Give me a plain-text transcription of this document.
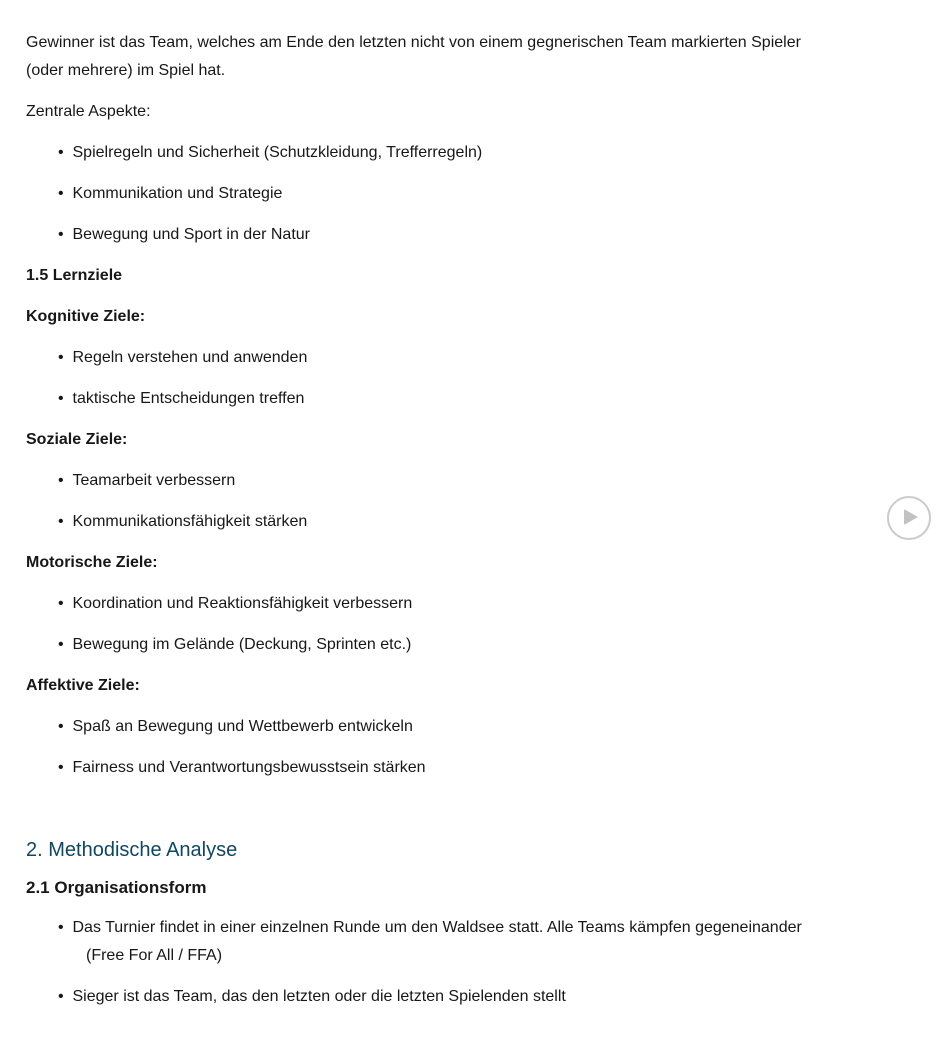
Gewinner ist das Team, welches am Ende den letzten nicht von einem gegnerischen Team markierten Spieler
(oder mehrere) im Spiel hat.

Zentrale Aspekte:

•  Spielregeln und Sicherheit (Schutzkleidung, Trefferregeln)
•  Kommunikation und Strategie
•  Bewegung und Sport in der Natur

1.5 Lernziele

Kognitive Ziele:

•  Regeln verstehen und anwenden
•  taktische Entscheidungen treffen

Soziale Ziele:

•  Teamarbeit verbessern
•  Kommunikationsfähigkeit stärken

Motorische Ziele:

•  Koordination und Reaktionsfähigkeit verbessern
•  Bewegung im Gelände (Deckung, Sprinten etc.)

Affektive Ziele:

•  Spaß an Bewegung und Wettbewerb entwickeln
•  Fairness und Verantwortungsbewusstsein stärken
2. Methodische Analyse
2.1 Organisationsform
•  Das Turnier findet in einer einzelnen Runde um den Waldsee statt. Alle Teams kämpfen gegeneinander
(Free For All / FFA)
•  Sieger ist das Team, das den letzten oder die letzten Spielenden stellt
